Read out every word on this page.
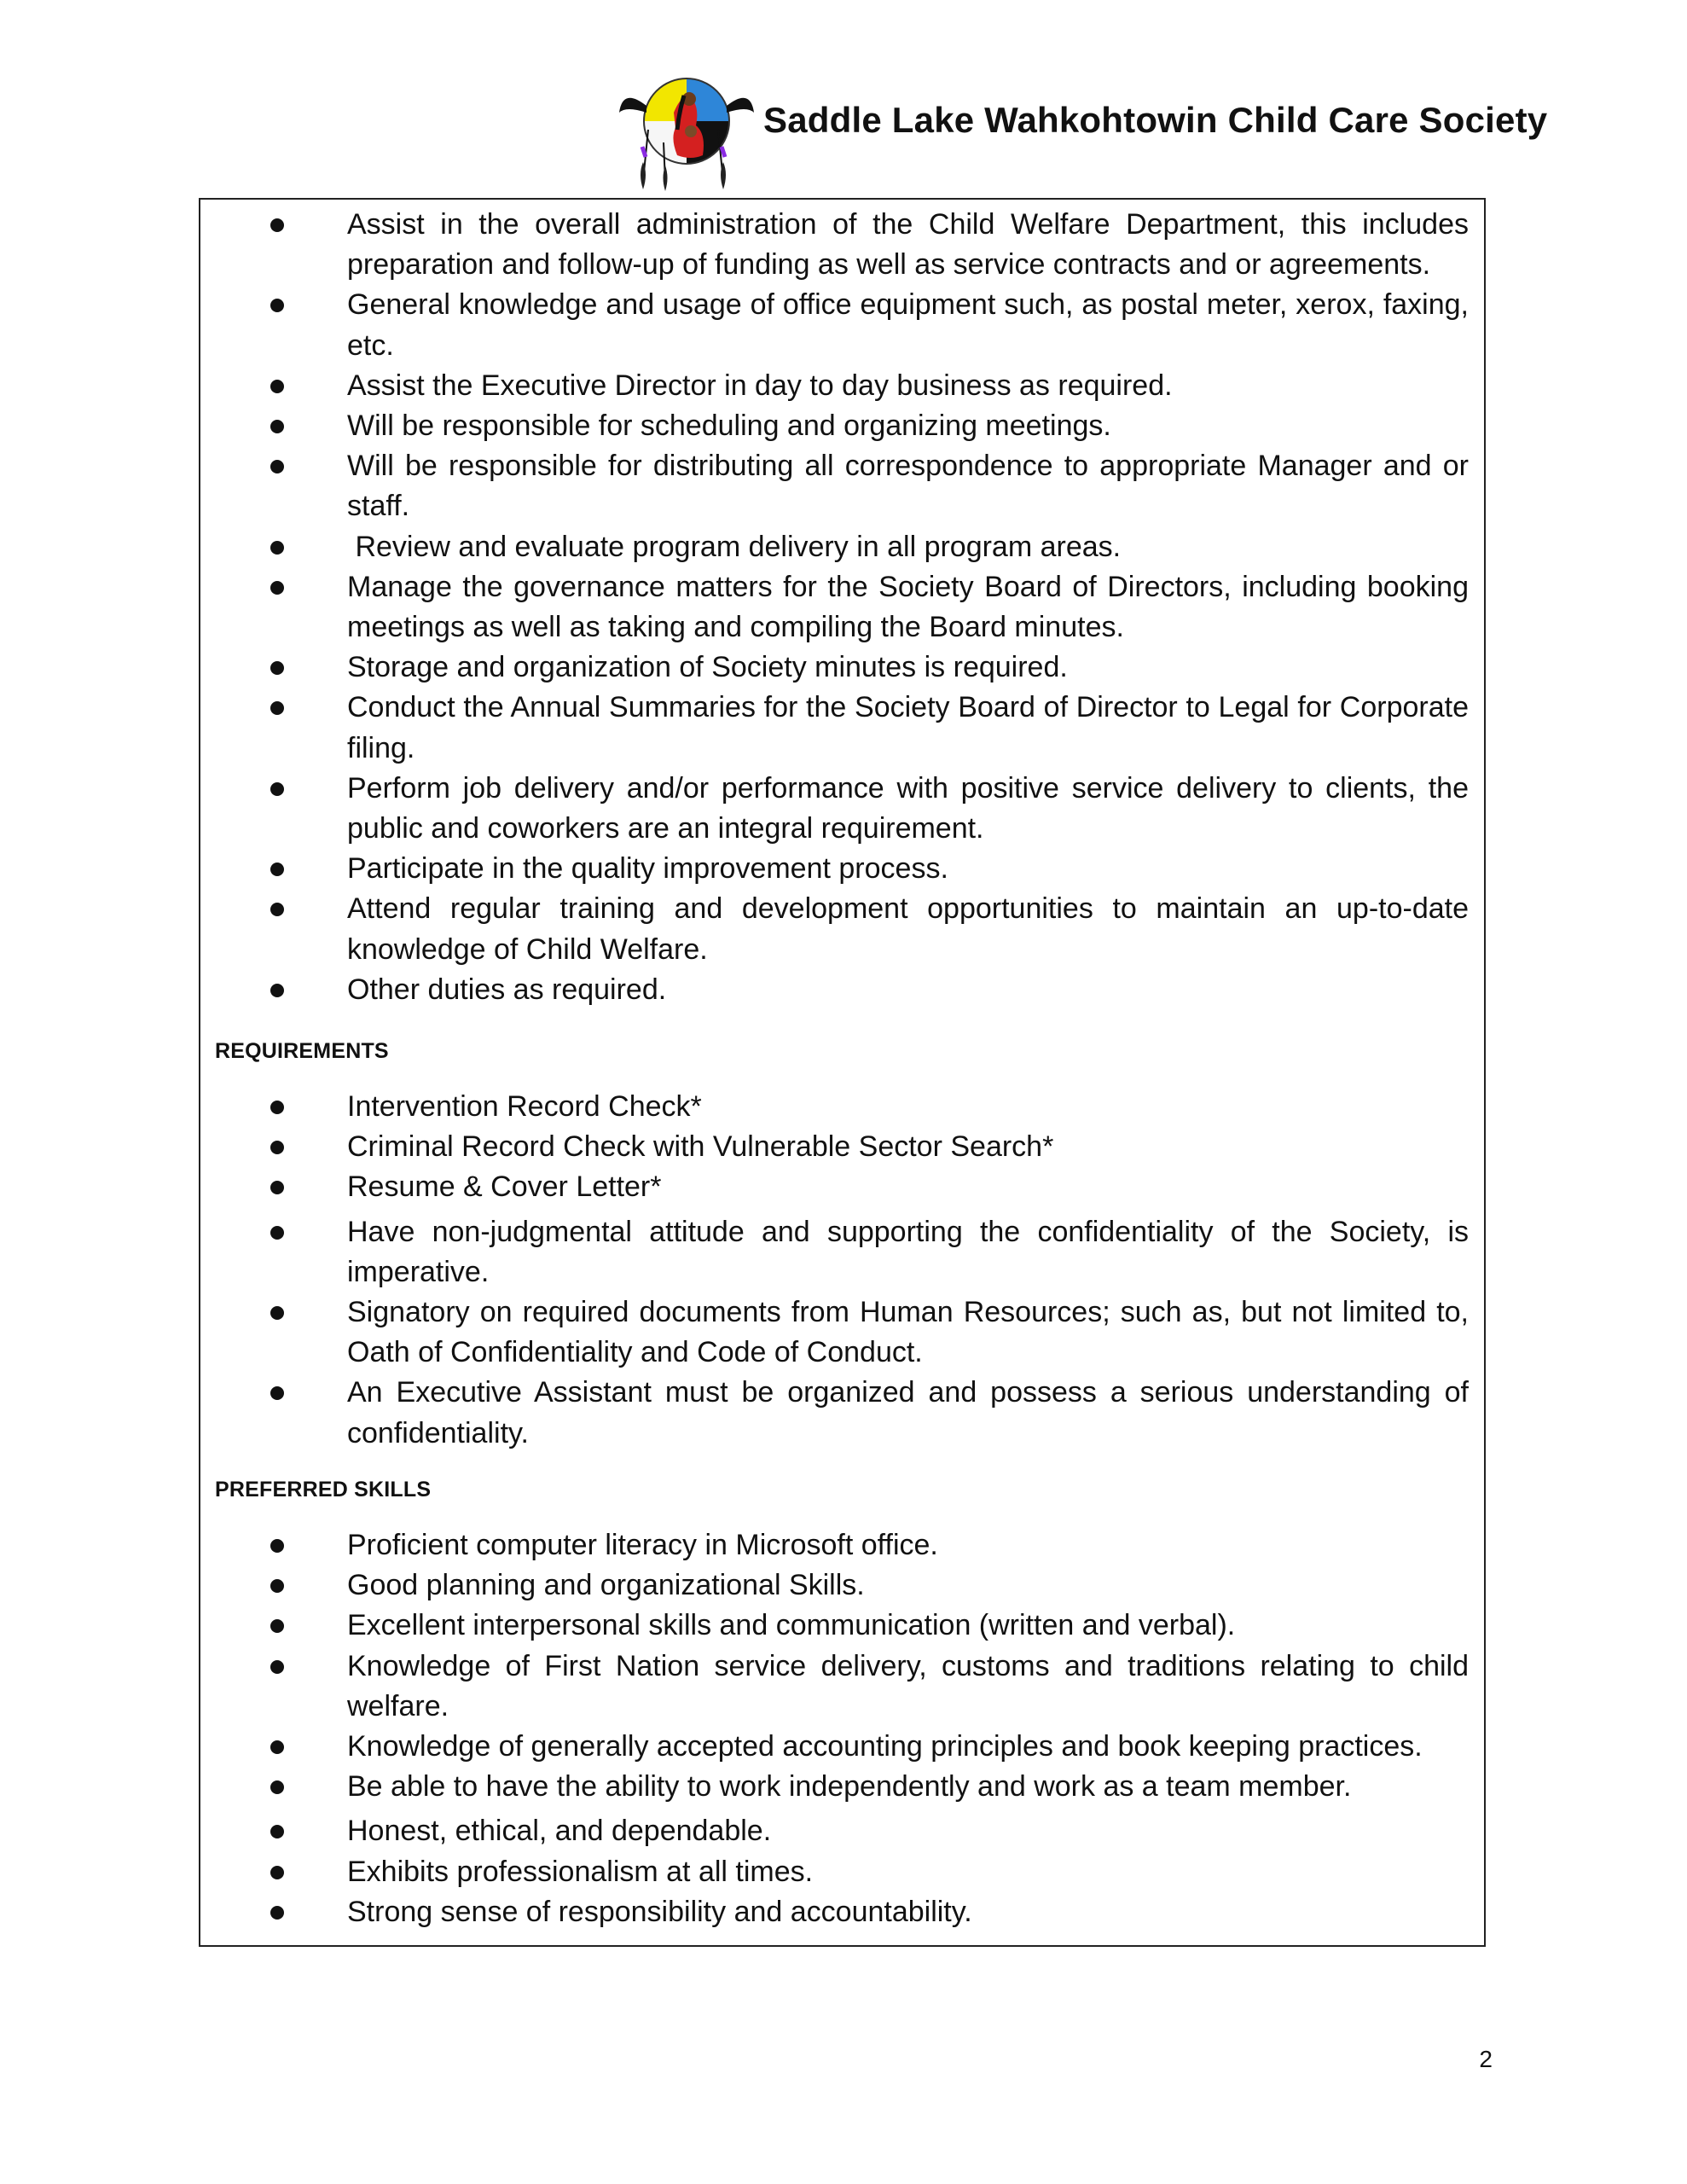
Saddle Lake Wahkohtowin Child Care Society
Assist in the overall administration of the Child Welfare Department, this includes preparation and follow-up of funding as well as service contracts and or agreements.
General knowledge and usage of office equipment such, as postal meter, xerox, faxing, etc.
Assist the Executive Director in day to day business as required.
Will be responsible for scheduling and organizing meetings.
Will be responsible for distributing all correspondence to appropriate Manager and or staff.
Review and evaluate program delivery in all program areas.
Manage the governance matters for the Society Board of Directors, including booking meetings as well as taking and compiling the Board minutes.
Storage and organization of Society minutes is required.
Conduct the Annual Summaries for the Society Board of Director to Legal for Corporate filing.
Perform job delivery and/or performance with positive service delivery to clients, the public and coworkers are an integral requirement.
Participate in the quality improvement process.
Attend regular training and development opportunities to maintain an up-to-date knowledge of Child Welfare.
Other duties as required.
REQUIREMENTS
Intervention Record Check*
Criminal Record Check with Vulnerable Sector Search*
Resume & Cover Letter*
Have non-judgmental attitude and supporting the confidentiality of the Society, is imperative.
Signatory on required documents from Human Resources; such as, but not limited to, Oath of Confidentiality and Code of Conduct.
An Executive Assistant must be organized and possess a serious understanding of confidentiality.
PREFERRED SKILLS
Proficient computer literacy in Microsoft office.
Good planning and organizational Skills.
Excellent interpersonal skills and communication (written and verbal).
Knowledge of First Nation service delivery, customs and traditions relating to child welfare.
Knowledge of generally accepted accounting principles and book keeping practices.
Be able to have the ability to work independently and work as a team member.
Honest, ethical, and dependable.
Exhibits professionalism at all times.
Strong sense of responsibility and accountability.
2
